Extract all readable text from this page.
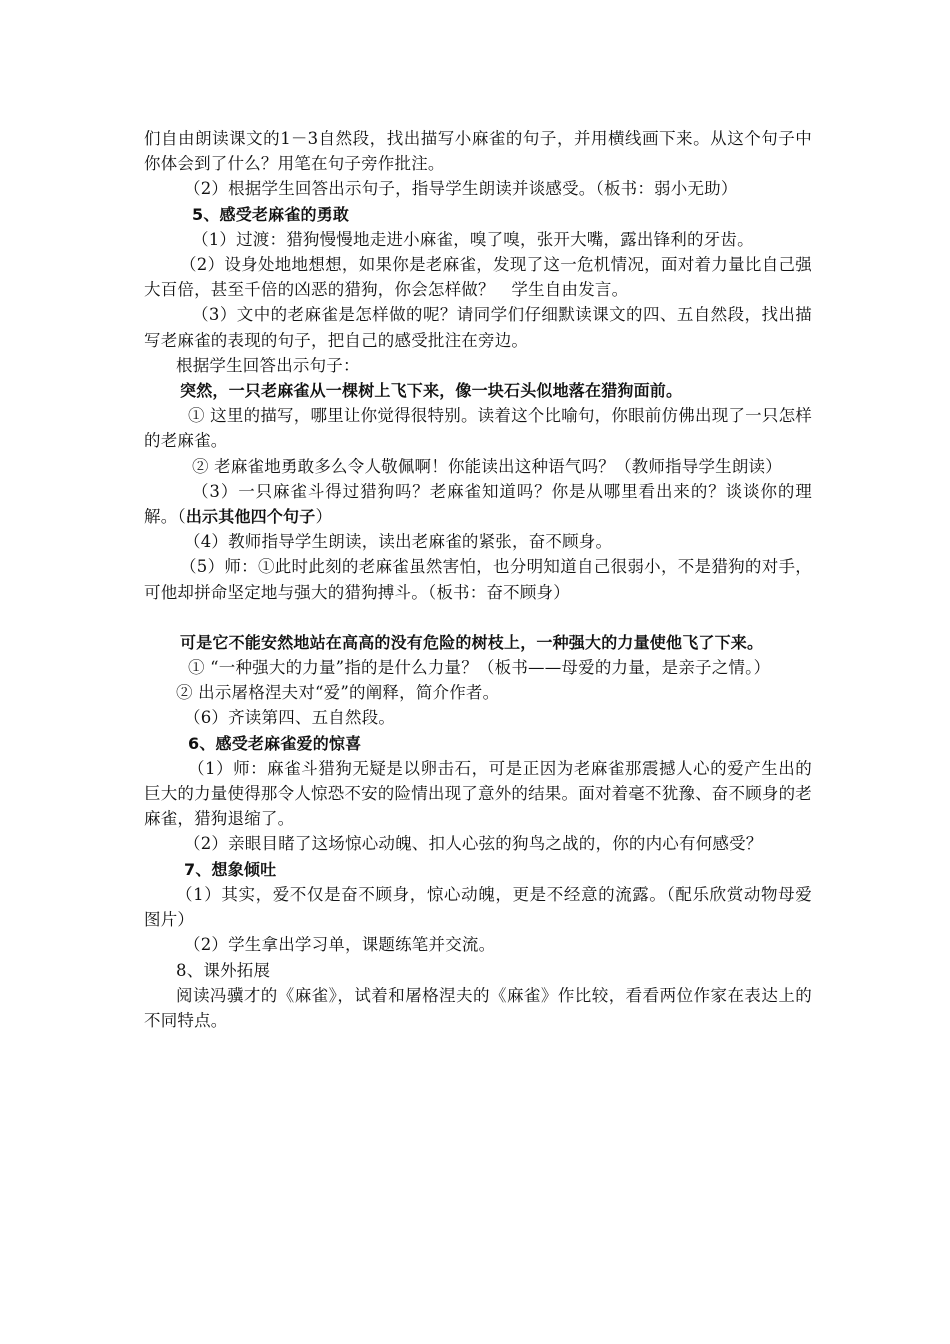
们自由朗读课文的1－3自然段，找出描写小麻雀的句子，并用横线画下来。从这个句子中你体会到了什么？用笔在句子旁作批注。

（2）根据学生回答出示句子，指导学生朗读并谈感受。（板书：弱小无助）

5、感受老麻雀的勇敢

（1）过渡：猎狗慢慢地走进小麻雀，嗅了嗅，张开大嘴，露出锋利的牙齿。

（2）设身处地地想想，如果你是老麻雀，发现了这一危机情况，面对着力量比自己强大百倍，甚至千倍的凶恶的猎狗，你会怎样做？　学生自由发言。

（3）文中的老麻雀是怎样做的呢？请同学们仔细默读课文的四、五自然段，找出描写老麻雀的表现的句子，把自己的感受批注在旁边。

根据学生回答出示句子：

突然，一只老麻雀从一棵树上飞下来，像一块石头似地落在猎狗面前。

① 这里的描写，哪里让你觉得很特别。读着这个比喻句，你眼前仿佛出现了一只怎样的老麻雀。

② 老麻雀地勇敢多么令人敬佩啊！你能读出这种语气吗？（教师指导学生朗读）

（3）一只麻雀斗得过猎狗吗？老麻雀知道吗？你是从哪里看出来的？谈谈你的理解。（出示其他四个句子）

（4）教师指导学生朗读，读出老麻雀的紧张，奋不顾身。

（5）师：①此时此刻的老麻雀虽然害怕，也分明知道自己很弱小，不是猎狗的对手，可他却拼命坚定地与强大的猎狗搏斗。（板书：奋不顾身）

可是它不能安然地站在高高的没有危险的树枝上，一种强大的力量使他飞了下来。

① “一种强大的力量”指的是什么力量？（板书——母爱的力量，是亲子之情。）

② 出示屠格涅夫对“爱”的阐释，简介作者。

（6）齐读第四、五自然段。

6、感受老麻雀爱的惊喜

（1）师：麻雀斗猎狗无疑是以卵击石，可是正因为老麻雀那震撼人心的爱产生出的巨大的力量使得那令人惊恐不安的险情出现了意外的结果。面对着毫不犹豫、奋不顾身的老麻雀，猎狗退缩了。

（2）亲眼目睹了这场惊心动魄、扣人心弦的狗鸟之战的，你的内心有何感受？

7、想象倾吐

（1）其实，爱不仅是奋不顾身，惊心动魄，更是不经意的流露。（配乐欣赏动物母爱图片）

（2）学生拿出学习单，课题练笔并交流。

8、课外拓展

阅读冯骥才的《麻雀》，试着和屠格涅夫的《麻雀》作比较，看看两位作家在表达上的不同特点。
